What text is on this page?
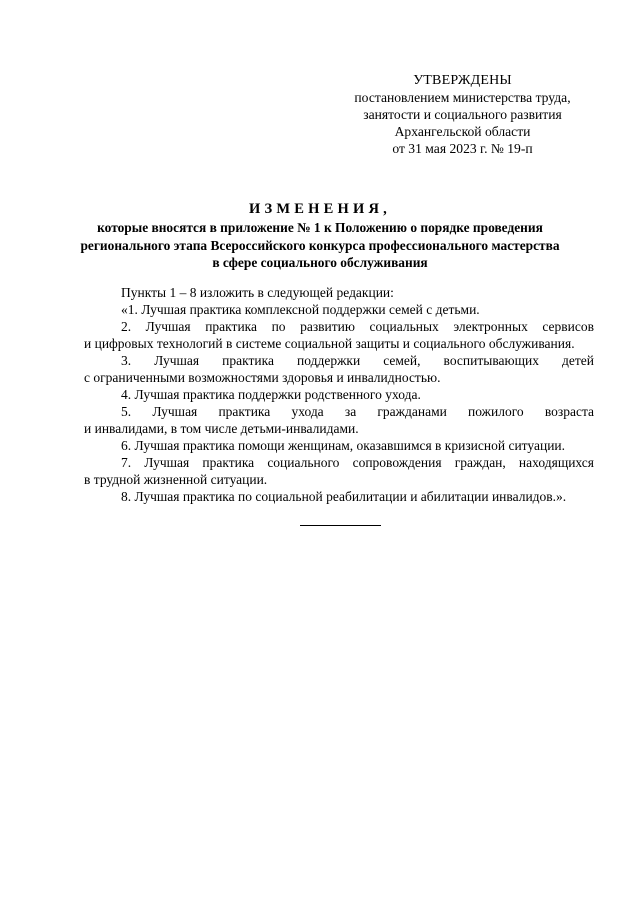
УТВЕРЖДЕНЫ
постановлением министерства труда,
занятости и социального развития
Архангельской области
от 31 мая 2023 г. № 19-п
ИЗМЕНЕНИЯ,
которые вносятся в приложение № 1 к Положению о порядке проведения
регионального этапа Всероссийского конкурса профессионального мастерства
в сфере социального обслуживания
Пункты 1 – 8 изложить в следующей редакции:
«1. Лучшая практика комплексной поддержки семей с детьми.
2. Лучшая практика по развитию социальных электронных сервисов
и цифровых технологий в системе социальной защиты и социального обслуживания.
3. Лучшая практика поддержки семей, воспитывающих детей
с ограниченными возможностями здоровья и инвалидностью.
4. Лучшая практика поддержки родственного ухода.
5. Лучшая практика ухода за гражданами пожилого возраста
и инвалидами, в том числе детьми-инвалидами.
6. Лучшая практика помощи женщинам, оказавшимся в кризисной ситуации.
7. Лучшая практика социального сопровождения граждан, находящихся
в трудной жизненной ситуации.
8. Лучшая практика по социальной реабилитации и абилитации инвалидов.».
